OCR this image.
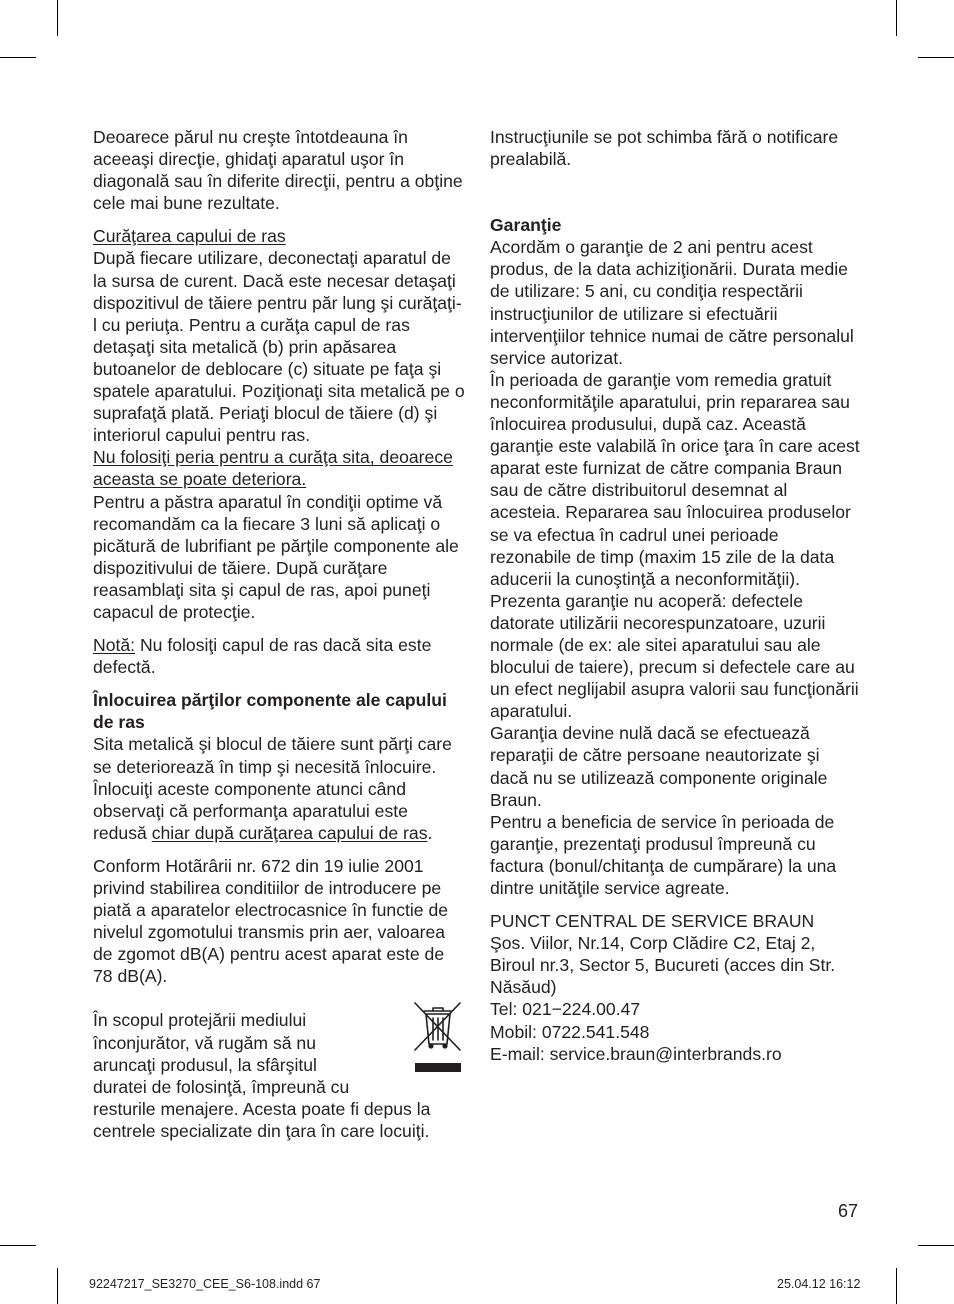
Deoarece părul nu creşte întotdeauna în aceeaşi direcţie, ghidaţi aparatul uşor în diagonală sau în diferite direcţii, pentru a obţine cele mai bune rezultate.

Curăţarea capului de ras
După fiecare utilizare, deconectaţi aparatul de la sursa de curent. Dacă este necesar detaşaţi dispozitivul de tăiere pentru păr lung şi curăţaţi-l cu periuţa. Pentru a curăţa capul de ras detaşaţi sita metalică (b) prin apăsarea butoanelor de deblocare (c) situate pe faţa şi spatele aparatului. Poziţionaţi sita metalică pe o suprafaţă plată. Periaţi blocul de tăiere (d) şi interiorul capului pentru ras.
Nu folosiţi peria pentru a curăţa sita, deoarece aceasta se poate deteriora.
Pentru a păstra aparatul în condiţii optime vă recomandăm ca la fiecare 3 luni să aplicaţi o picătură de lubrifiant pe părţile componente ale dispozitivului de tăiere. După curăţare reasamblaţi sita şi capul de ras, apoi puneţi capacul de protecţie.

Notă: Nu folosiţi capul de ras dacă sita este defectă.

Înlocuirea părţilor componente ale capului de ras
Sita metalică şi blocul de tăiere sunt părţi care se deteriorează în timp şi necesită înlocuire. Înlocuiţi aceste componente atunci când observaţi că performanţa aparatului este redusă chiar după curăţarea capului de ras.

Conform Hotãrârii nr. 672 din 19 iulie 2001 privind stabilirea conditiilor de introducere pe piată a aparatelor electrocasnice în functie de nivelul zgomotului transmis prin aer, valoarea de zgomot dB(A) pentru acest aparat este de 78 dB(A).

În scopul protejării mediului
înconjurător, vă rugăm să nu
aruncaţi produsul, la sfârşitul
duratei de folosinţă, împreună cu
resturile menajere. Acesta poate fi depus la centrele specializate din ţara în care locuiţi.

Instrucţiunile se pot schimba fără o notificare prealabilă.

Garanţie
Acordăm o garanţie de 2 ani pentru acest produs, de la data achiziţionării. Durata medie de utilizare: 5 ani, cu condiţia respectării instrucţiunilor de utilizare si efectuării intervenţiilor tehnice numai de către personalul service autorizat.
În perioada de garanţie vom remedia gratuit neconformităţile aparatului, prin repararea sau înlocuirea produsului, după caz. Această garanţie este valabilă în orice ţara în care acest aparat este furnizat de către compania Braun sau de către distribuitorul desemnat al acesteia. Repararea sau înlocuirea produselor se va efectua în cadrul unei perioade rezonabile de timp (maxim 15 zile de la data aducerii la cunoştinţă a neconformităţii).
Prezenta garanţie nu acoperă: defectele datorate utilizării necorespunzatoare, uzurii normale (de ex: ale sitei aparatului sau ale blocului de taiere), precum si defectele care au un efect neglijabil asupra valorii sau funcţionării aparatului.
Garanţia devine nulă dacă se efectuează reparaţii de către persoane neautorizate şi dacă nu se utilizează componente originale Braun.
Pentru a beneficia de service în perioada de garanţie, prezentaţi produsul împreună cu factura (bonul/chitanţa de cumpărare) la una dintre unităţile service agreate.

PUNCT CENTRAL DE SERVICE BRAUN
Şos. Viilor, Nr.14, Corp Clădire C2, Etaj 2, Biroul nr.3, Sector 5, Bucureti (acces din Str. Năsăud)
Tel: 021−224.00.47
Mobil: 0722.541.548
E-mail: service.braun@interbrands.ro

67
92247217_SE3270_CEE_S6-108.indd 67	25.04.12 16:12
